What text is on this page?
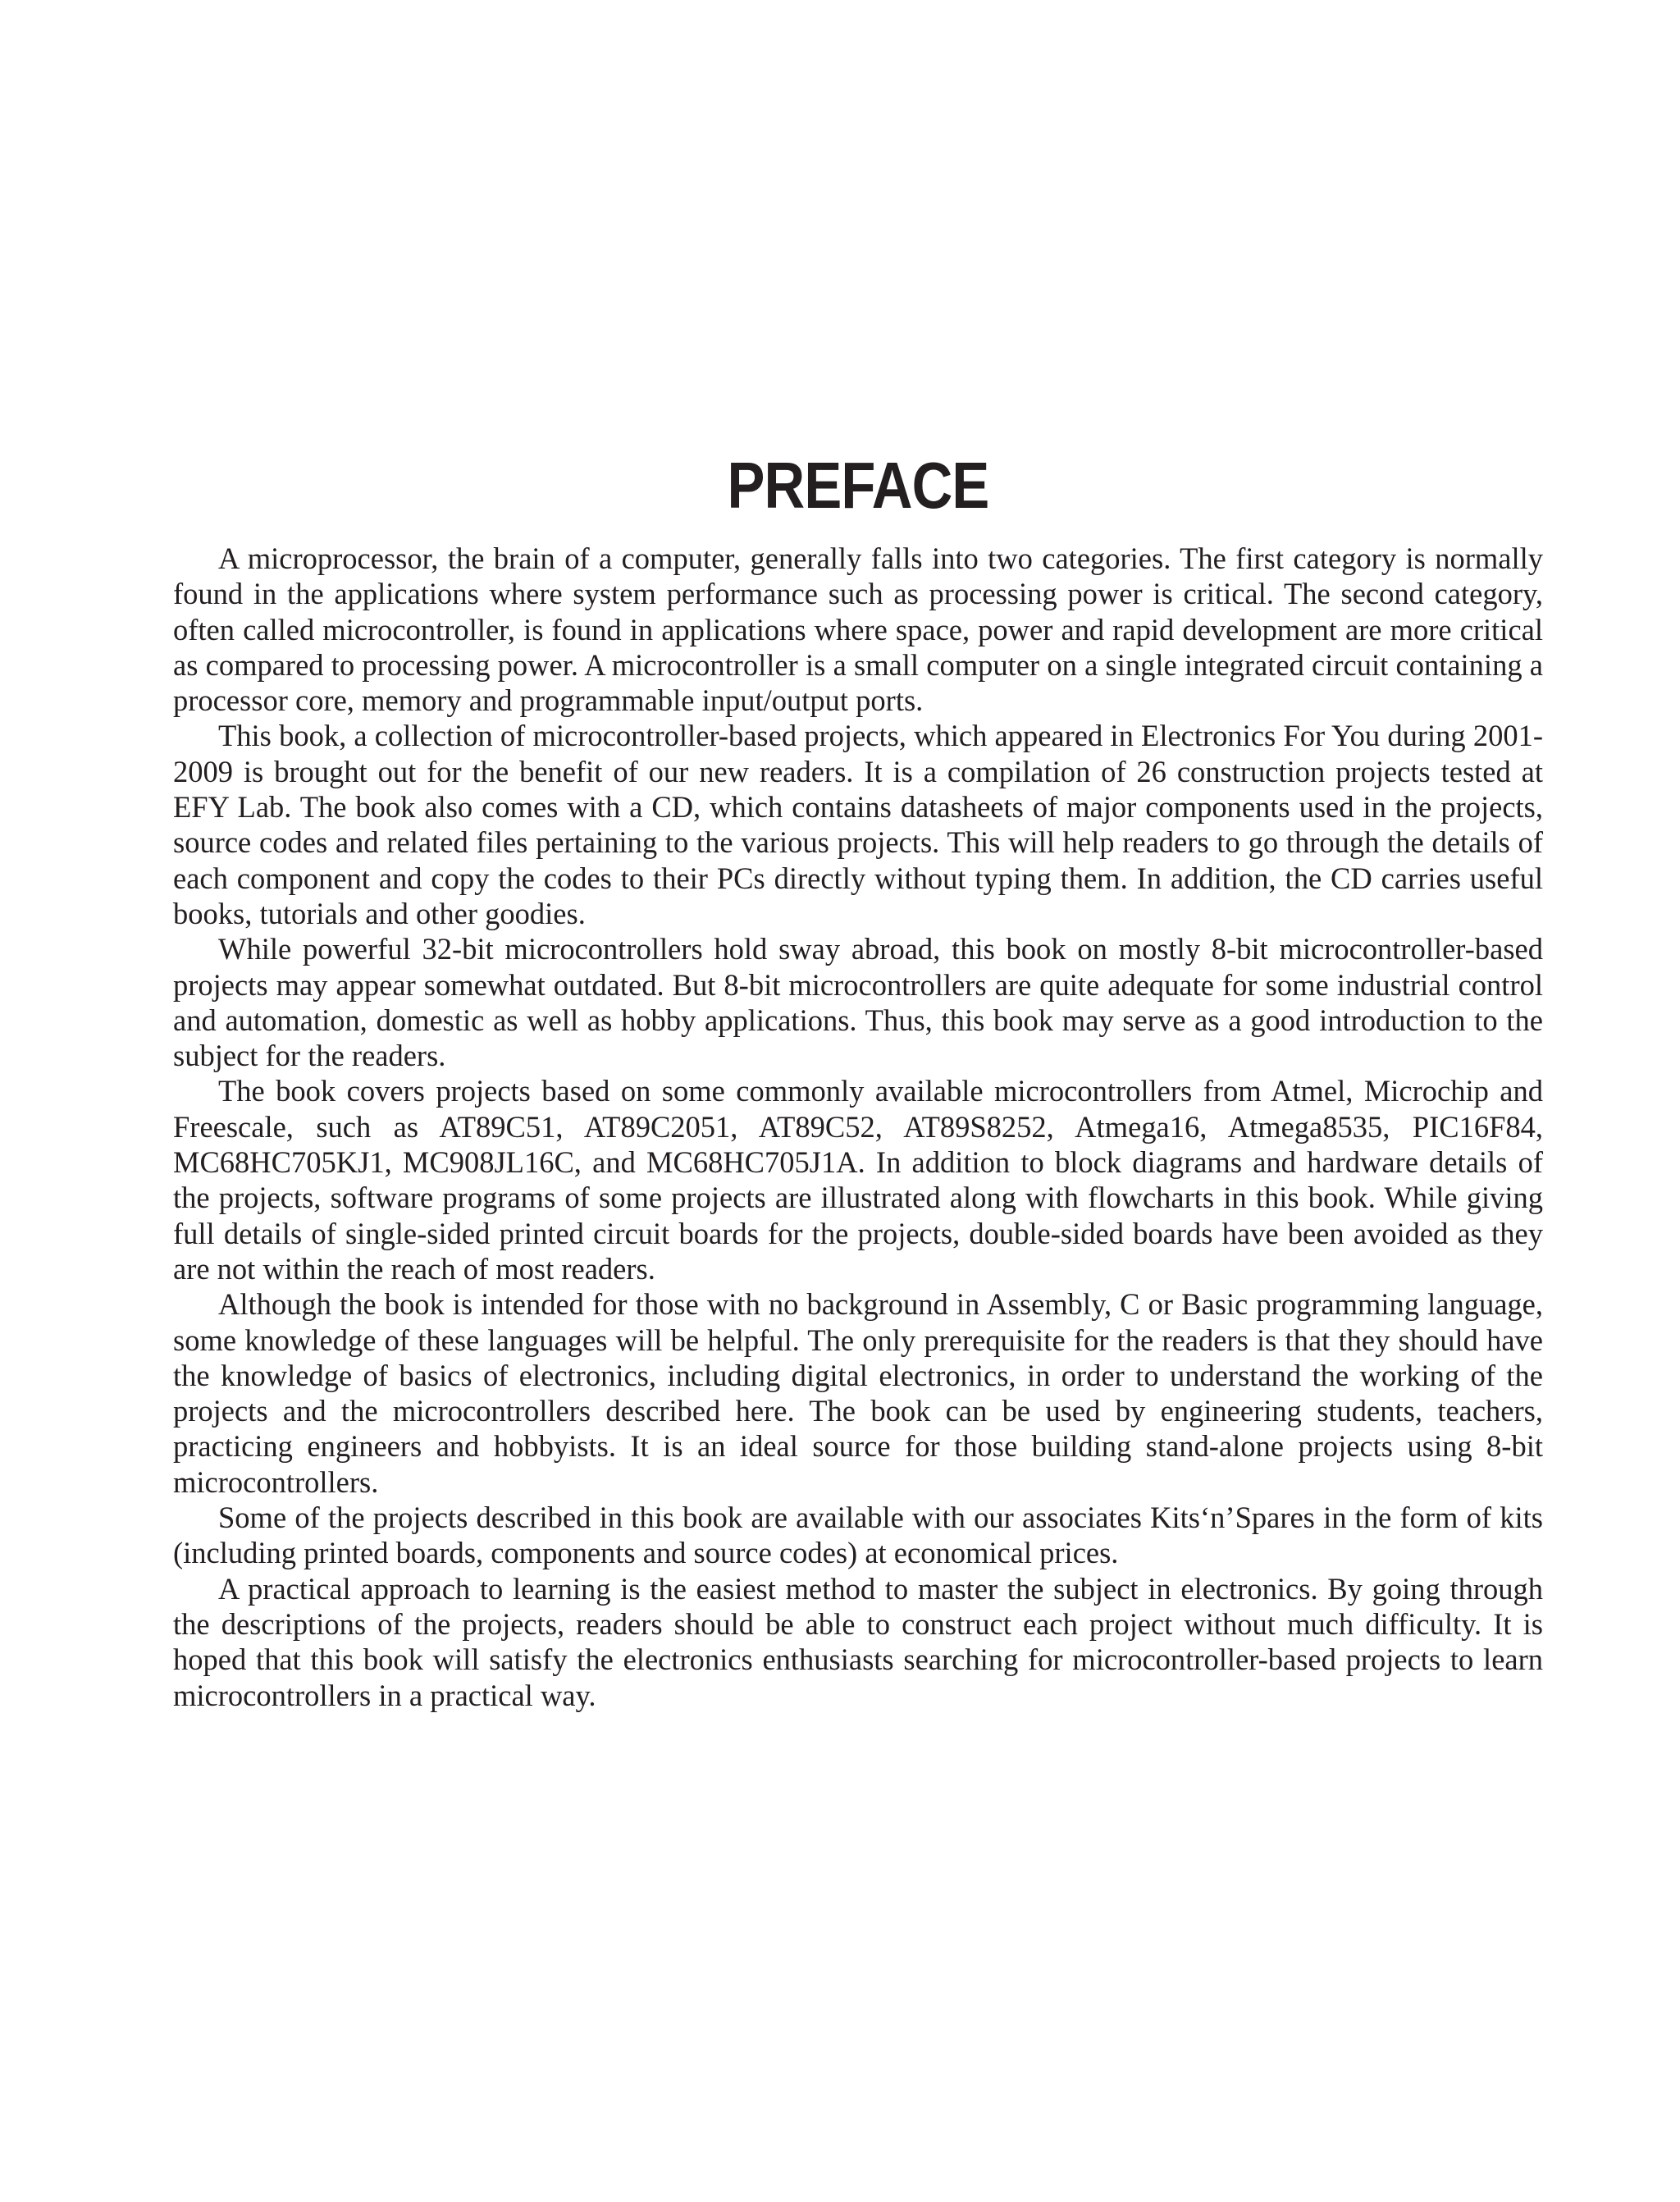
PREFACE

A microprocessor, the brain of a computer, generally falls into two categories. The first category is normally found in the applications where system performance such as processing power is critical. The second category, often called microcontroller, is found in applications where space, power and rapid development are more critical as compared to processing power. A microcontroller is a small computer on a single integrated circuit containing a processor core, memory and programmable input/output ports.

This book, a collection of microcontroller-based projects, which appeared in Electronics For You during 2001-2009 is brought out for the benefit of our new readers. It is a compilation of 26 construction projects tested at EFY Lab. The book also comes with a CD, which contains datasheets of major components used in the projects, source codes and related files pertaining to the various projects. This will help readers to go through the details of each component and copy the codes to their PCs directly without typing them. In addition, the CD carries useful books, tutorials and other goodies.

While powerful 32-bit microcontrollers hold sway abroad, this book on mostly 8-bit microcontroller-based projects may appear somewhat outdated. But 8-bit microcontrollers are quite adequate for some industrial control and automation, domestic as well as hobby applications. Thus, this book may serve as a good introduction to the subject for the readers.

The book covers projects based on some commonly available microcontrollers from Atmel, Microchip and Freescale, such as AT89C51, AT89C2051, AT89C52, AT89S8252, Atmega16, Atmega8535, PIC16F84, MC68HC705KJ1, MC908JL16C, and MC68HC705J1A. In addition to block diagrams and hardware details of the projects, software programs of some projects are illustrated along with flowcharts in this book. While giving full details of single-sided printed circuit boards for the projects, double-sided boards have been avoided as they are not within the reach of most readers.

Although the book is intended for those with no background in Assembly, C or Basic programming language, some knowledge of these languages will be helpful. The only prerequisite for the readers is that they should have the knowledge of basics of electronics, including digital electronics, in order to understand the working of the projects and the microcontrollers described here. The book can be used by engineering students, teachers, practicing engineers and hobbyists. It is an ideal source for those building stand-alone projects using 8-bit microcontrollers.

Some of the projects described in this book are available with our associates Kits‘n’Spares in the form of kits (including printed boards, components and source codes) at economical prices.

A practical approach to learning is the easiest method to master the subject in electronics. By going through the descriptions of the projects, readers should be able to construct each project without much difficulty. It is hoped that this book will satisfy the electronics enthusiasts searching for microcontroller-based projects to learn microcontrollers in a practical way.
